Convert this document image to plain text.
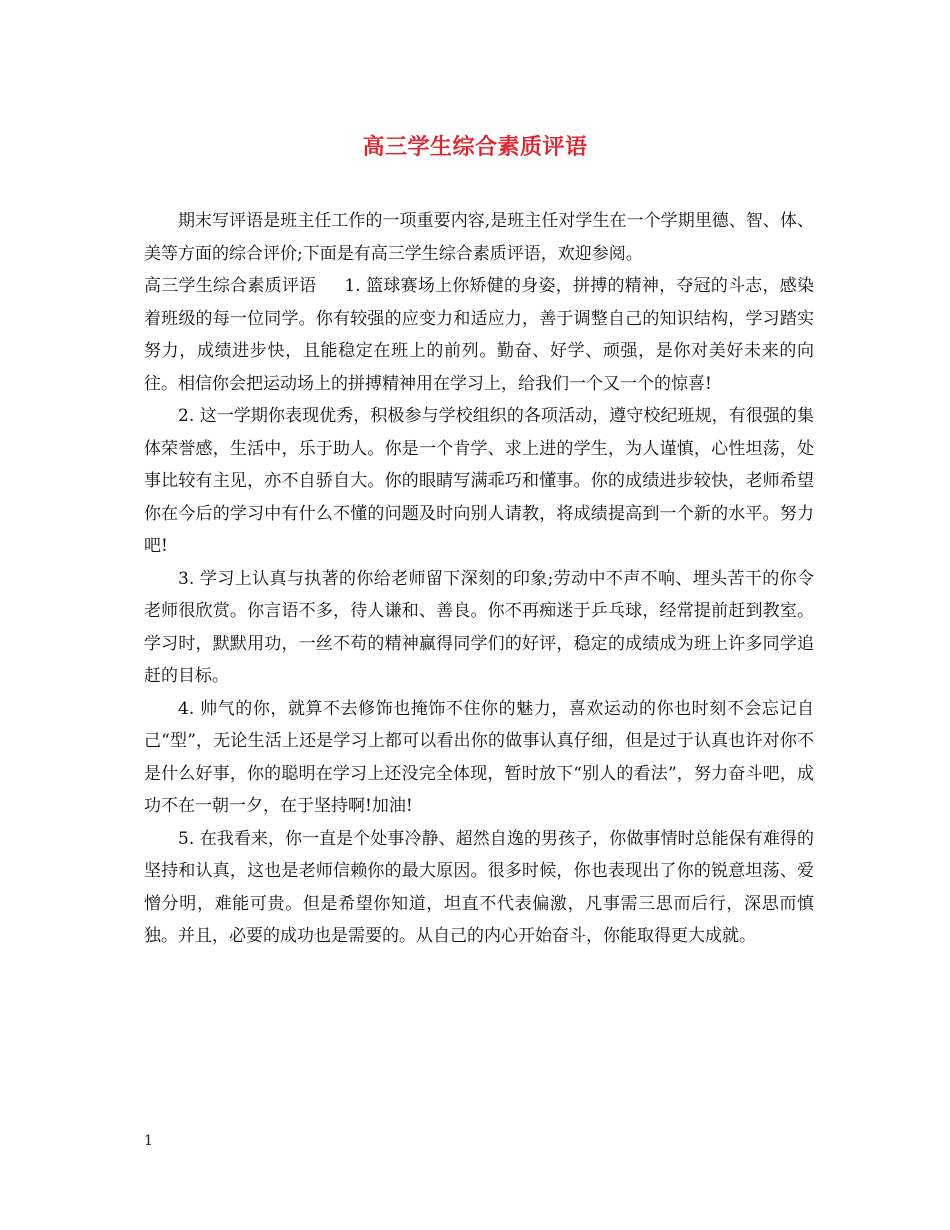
高三学生综合素质评语

期末写评语是班主任工作的一项重要内容,是班主任对学生在一个学期里德、智、体、美等方面的综合评价;下面是有高三学生综合素质评语，欢迎参阅。

高三学生综合素质评语 1. 篮球赛场上你矫健的身姿，拼搏的精神，夺冠的斗志，感染着班级的每一位同学。你有较强的应变力和适应力，善于调整自己的知识结构，学习踏实努力，成绩进步快，且能稳定在班上的前列。勤奋、好学、顽强，是你对美好未来的向往。相信你会把运动场上的拼搏精神用在学习上，给我们一个又一个的惊喜!

2. 这一学期你表现优秀，积极参与学校组织的各项活动，遵守校纪班规，有很强的集体荣誉感，生活中，乐于助人。你是一个肯学、求上进的学生，为人谨慎，心性坦荡，处事比较有主见，亦不自骄自大。你的眼睛写满乖巧和懂事。你的成绩进步较快，老师希望你在今后的学习中有什么不懂的问题及时向别人请教，将成绩提高到一个新的水平。努力吧!

3. 学习上认真与执著的你给老师留下深刻的印象;劳动中不声不响、埋头苦干的你令老师很欣赏。你言语不多，待人谦和、善良。你不再痴迷于乒乓球，经常提前赶到教室。学习时，默默用功，一丝不苟的精神赢得同学们的好评，稳定的成绩成为班上许多同学追赶的目标。

4. 帅气的你，就算不去修饰也掩饰不住你的魅力，喜欢运动的你也时刻不会忘记自己“型”，无论生活上还是学习上都可以看出你的做事认真仔细，但是过于认真也许对你不是什么好事，你的聪明在学习上还没完全体现，暂时放下“别人的看法”，努力奋斗吧，成功不在一朝一夕，在于坚持啊!加油!

5. 在我看来，你一直是个处事冷静、超然自逸的男孩子，你做事情时总能保有难得的坚持和认真，这也是老师信赖你的最大原因。很多时候，你也表现出了你的锐意坦荡、爱憎分明，难能可贵。但是希望你知道，坦直不代表偏激，凡事需三思而后行，深思而慎独。并且，必要的成功也是需要的。从自己的内心开始奋斗，你能取得更大成就。

1
